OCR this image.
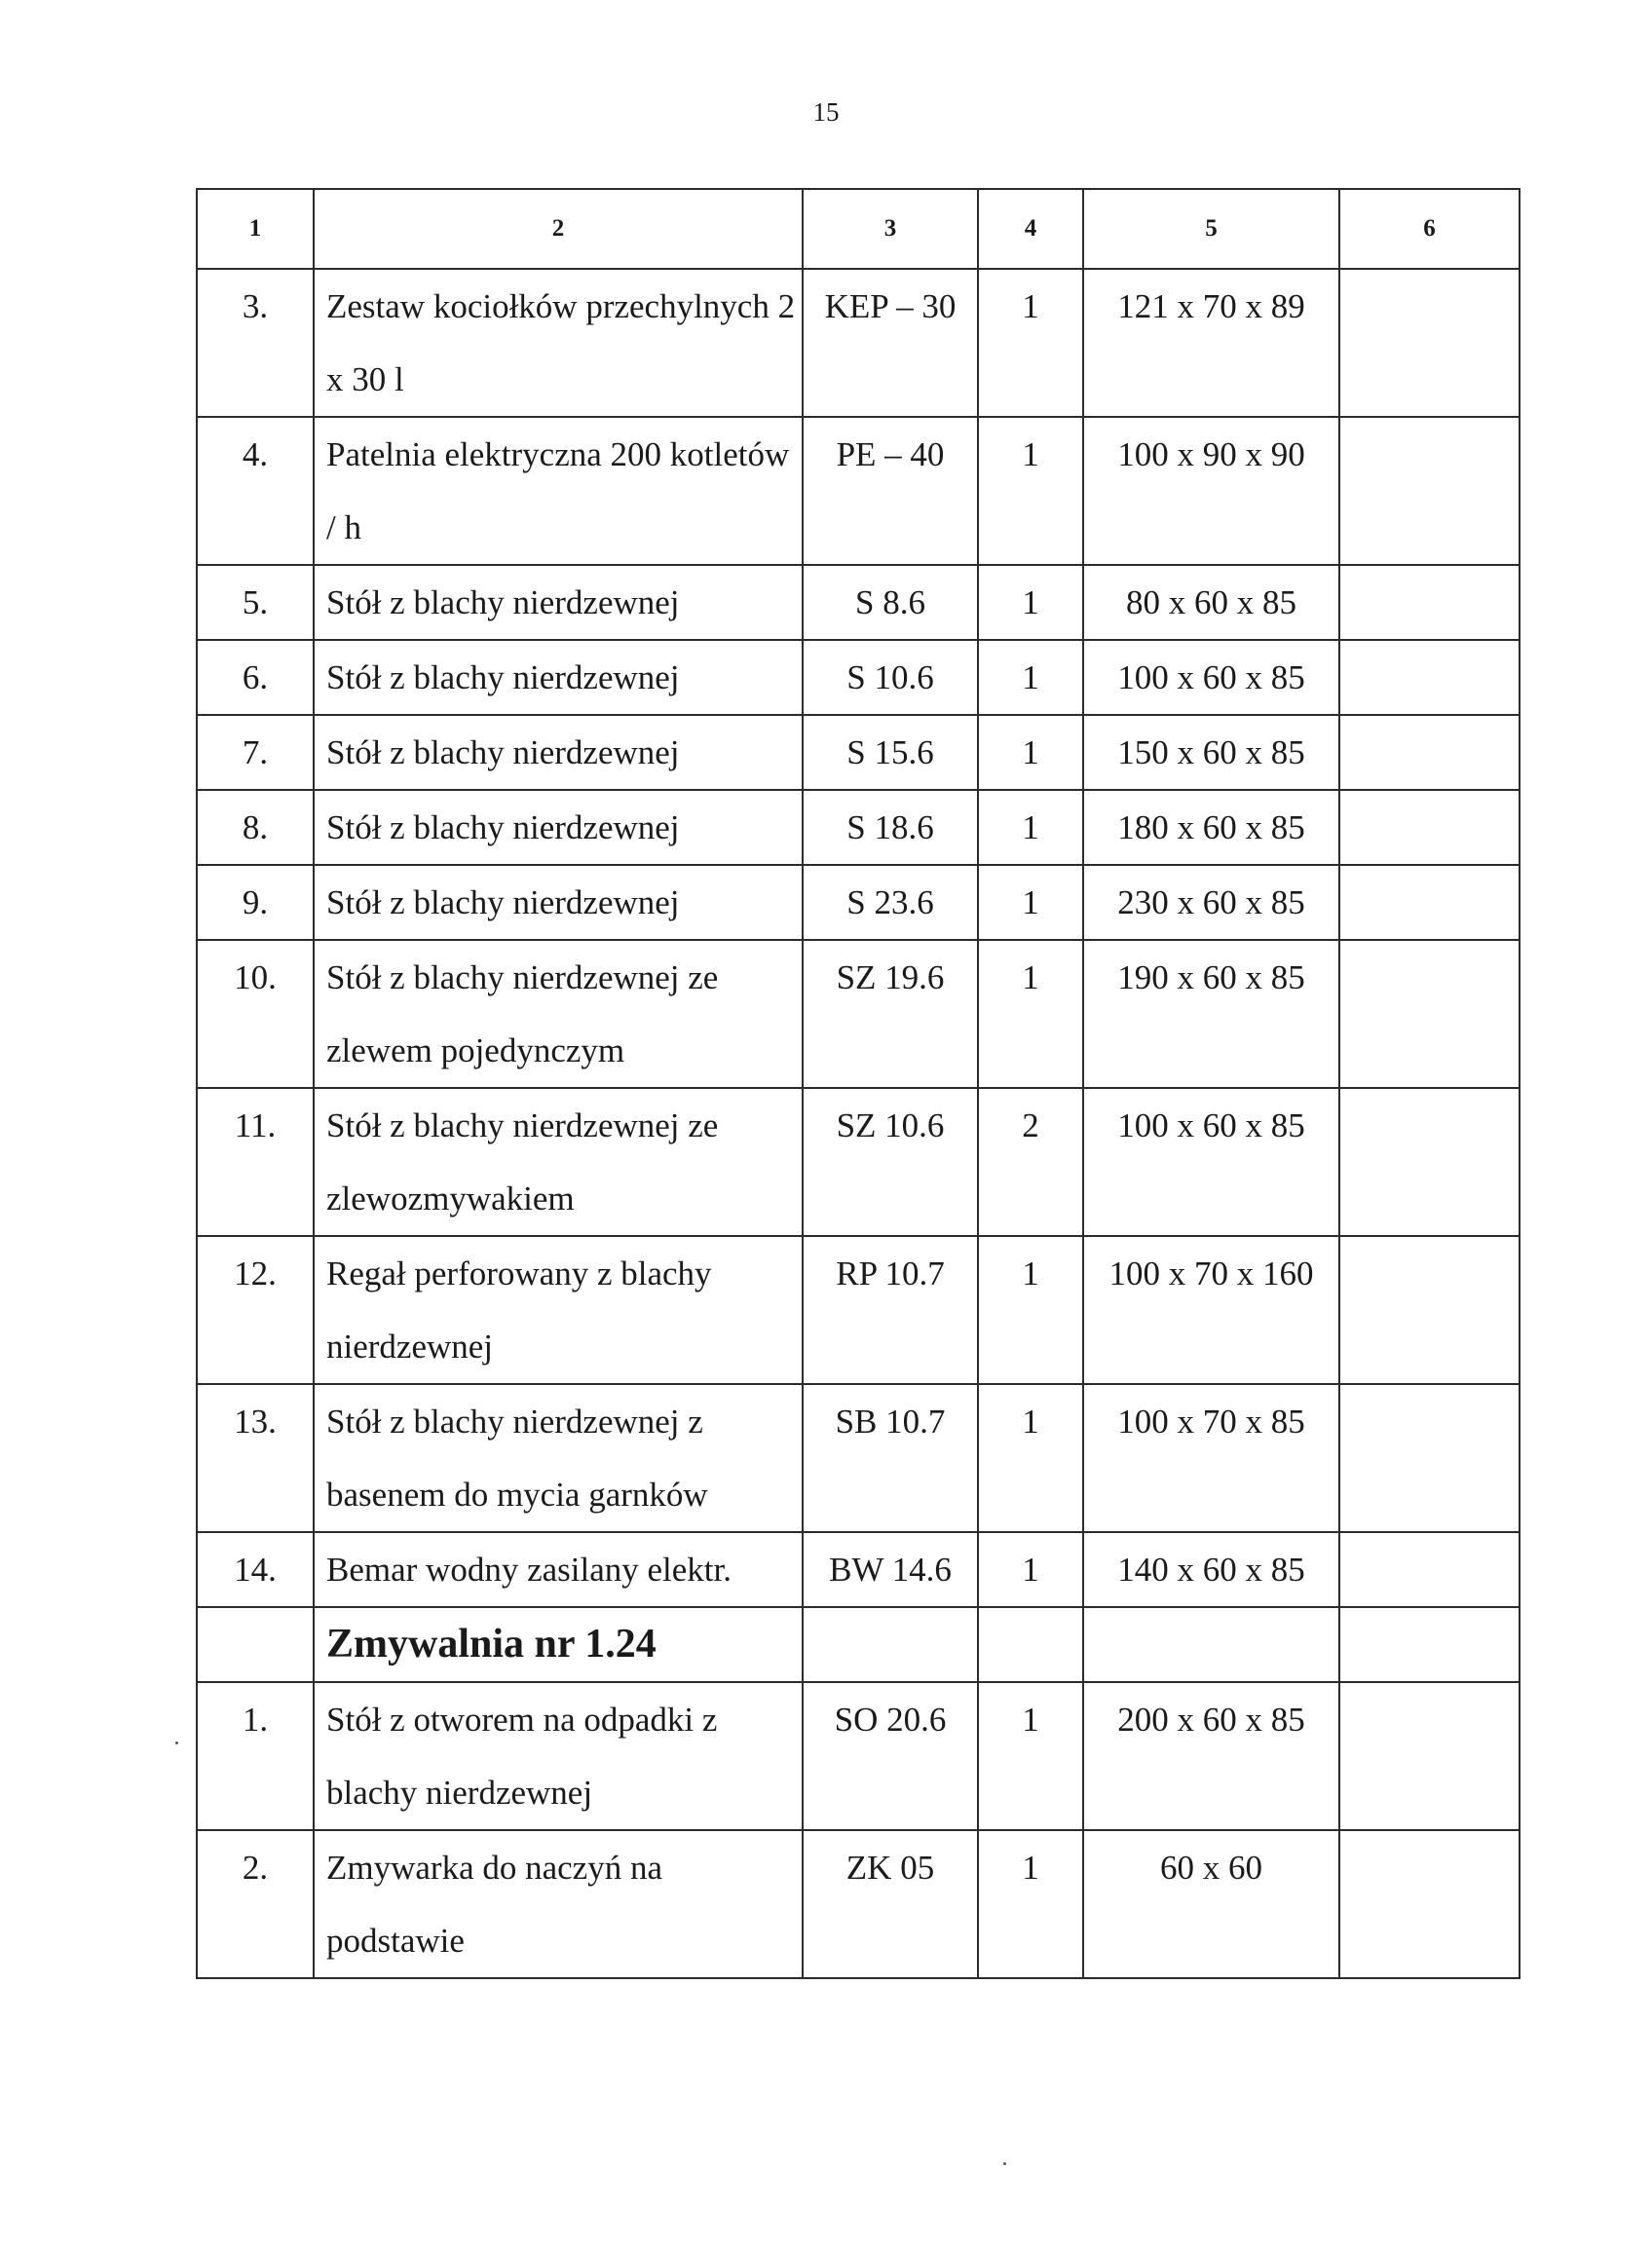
15
1	2	3	4	5	6
3.	Zestaw kociołków przechylnych 2 x 30 l	KEP – 30	1	121 x 70 x 89	
4.	Patelnia elektryczna 200 kotletów / h	PE – 40	1	100 x 90 x 90	
5.	Stół z blachy nierdzewnej	S 8.6	1	80 x 60 x 85	
6.	Stół z blachy nierdzewnej	S 10.6	1	100 x 60 x 85	
7.	Stół z blachy nierdzewnej	S 15.6	1	150 x 60 x 85	
8.	Stół z blachy nierdzewnej	S 18.6	1	180 x 60 x 85	
9.	Stół z blachy nierdzewnej	S 23.6	1	230 x 60 x 85	
10.	Stół z blachy nierdzewnej ze zlewem pojedynczym	SZ 19.6	1	190 x 60 x 85	
11.	Stół z blachy nierdzewnej ze zlewozmywakiem	SZ 10.6	2	100 x 60 x 85	
12.	Regał perforowany z blachy nierdzewnej	RP 10.7	1	100 x 70 x 160	
13.	Stół z blachy nierdzewnej z basenem do mycia garnków	SB 10.7	1	100 x 70 x 85	
14.	Bemar wodny zasilany elektr.	BW 14.6	1	140 x 60 x 85	
	Zmywalnia nr 1.24				
1.	Stół z otworem na odpadki z blachy nierdzewnej	SO 20.6	1	200 x 60 x 85	
2.	Zmywarka do naczyń na podstawie	ZK 05	1	60 x 60	
